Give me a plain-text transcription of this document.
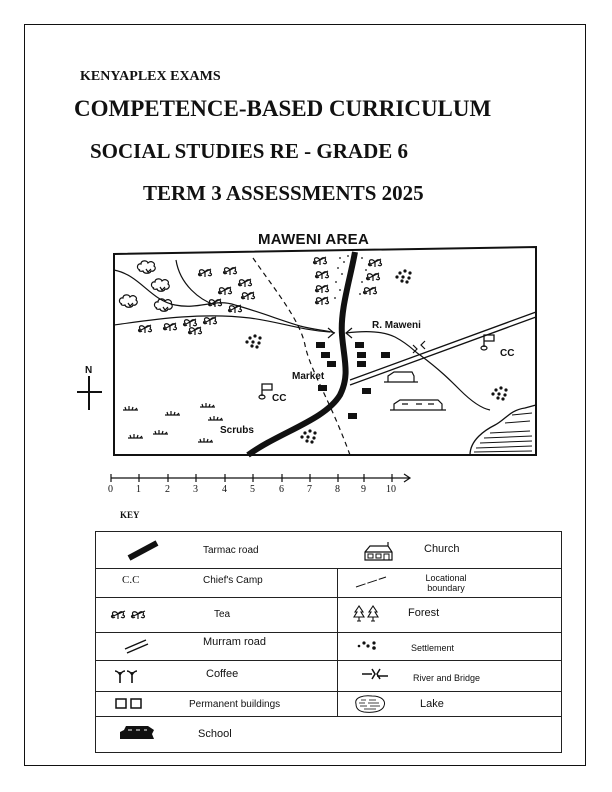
KENYAPLEX EXAMS
COMPETENCE-BASED CURRICULUM
SOCIAL STUDIES RE - GRADE 6
TERM 3 ASSESSMENTS 2025
MAWENI AREA
CC
CC
Scrubs
Market
R. Maweni
N
0 1 2 3 4 5 6 7 8 9 10
KEY
C.C
Tarmac road
Chief's Camp
Tea
Murram road
Coffee
Permanent buildings
School
Church
Locational
boundary
Forest
Settlement
River and Bridge
Lake
